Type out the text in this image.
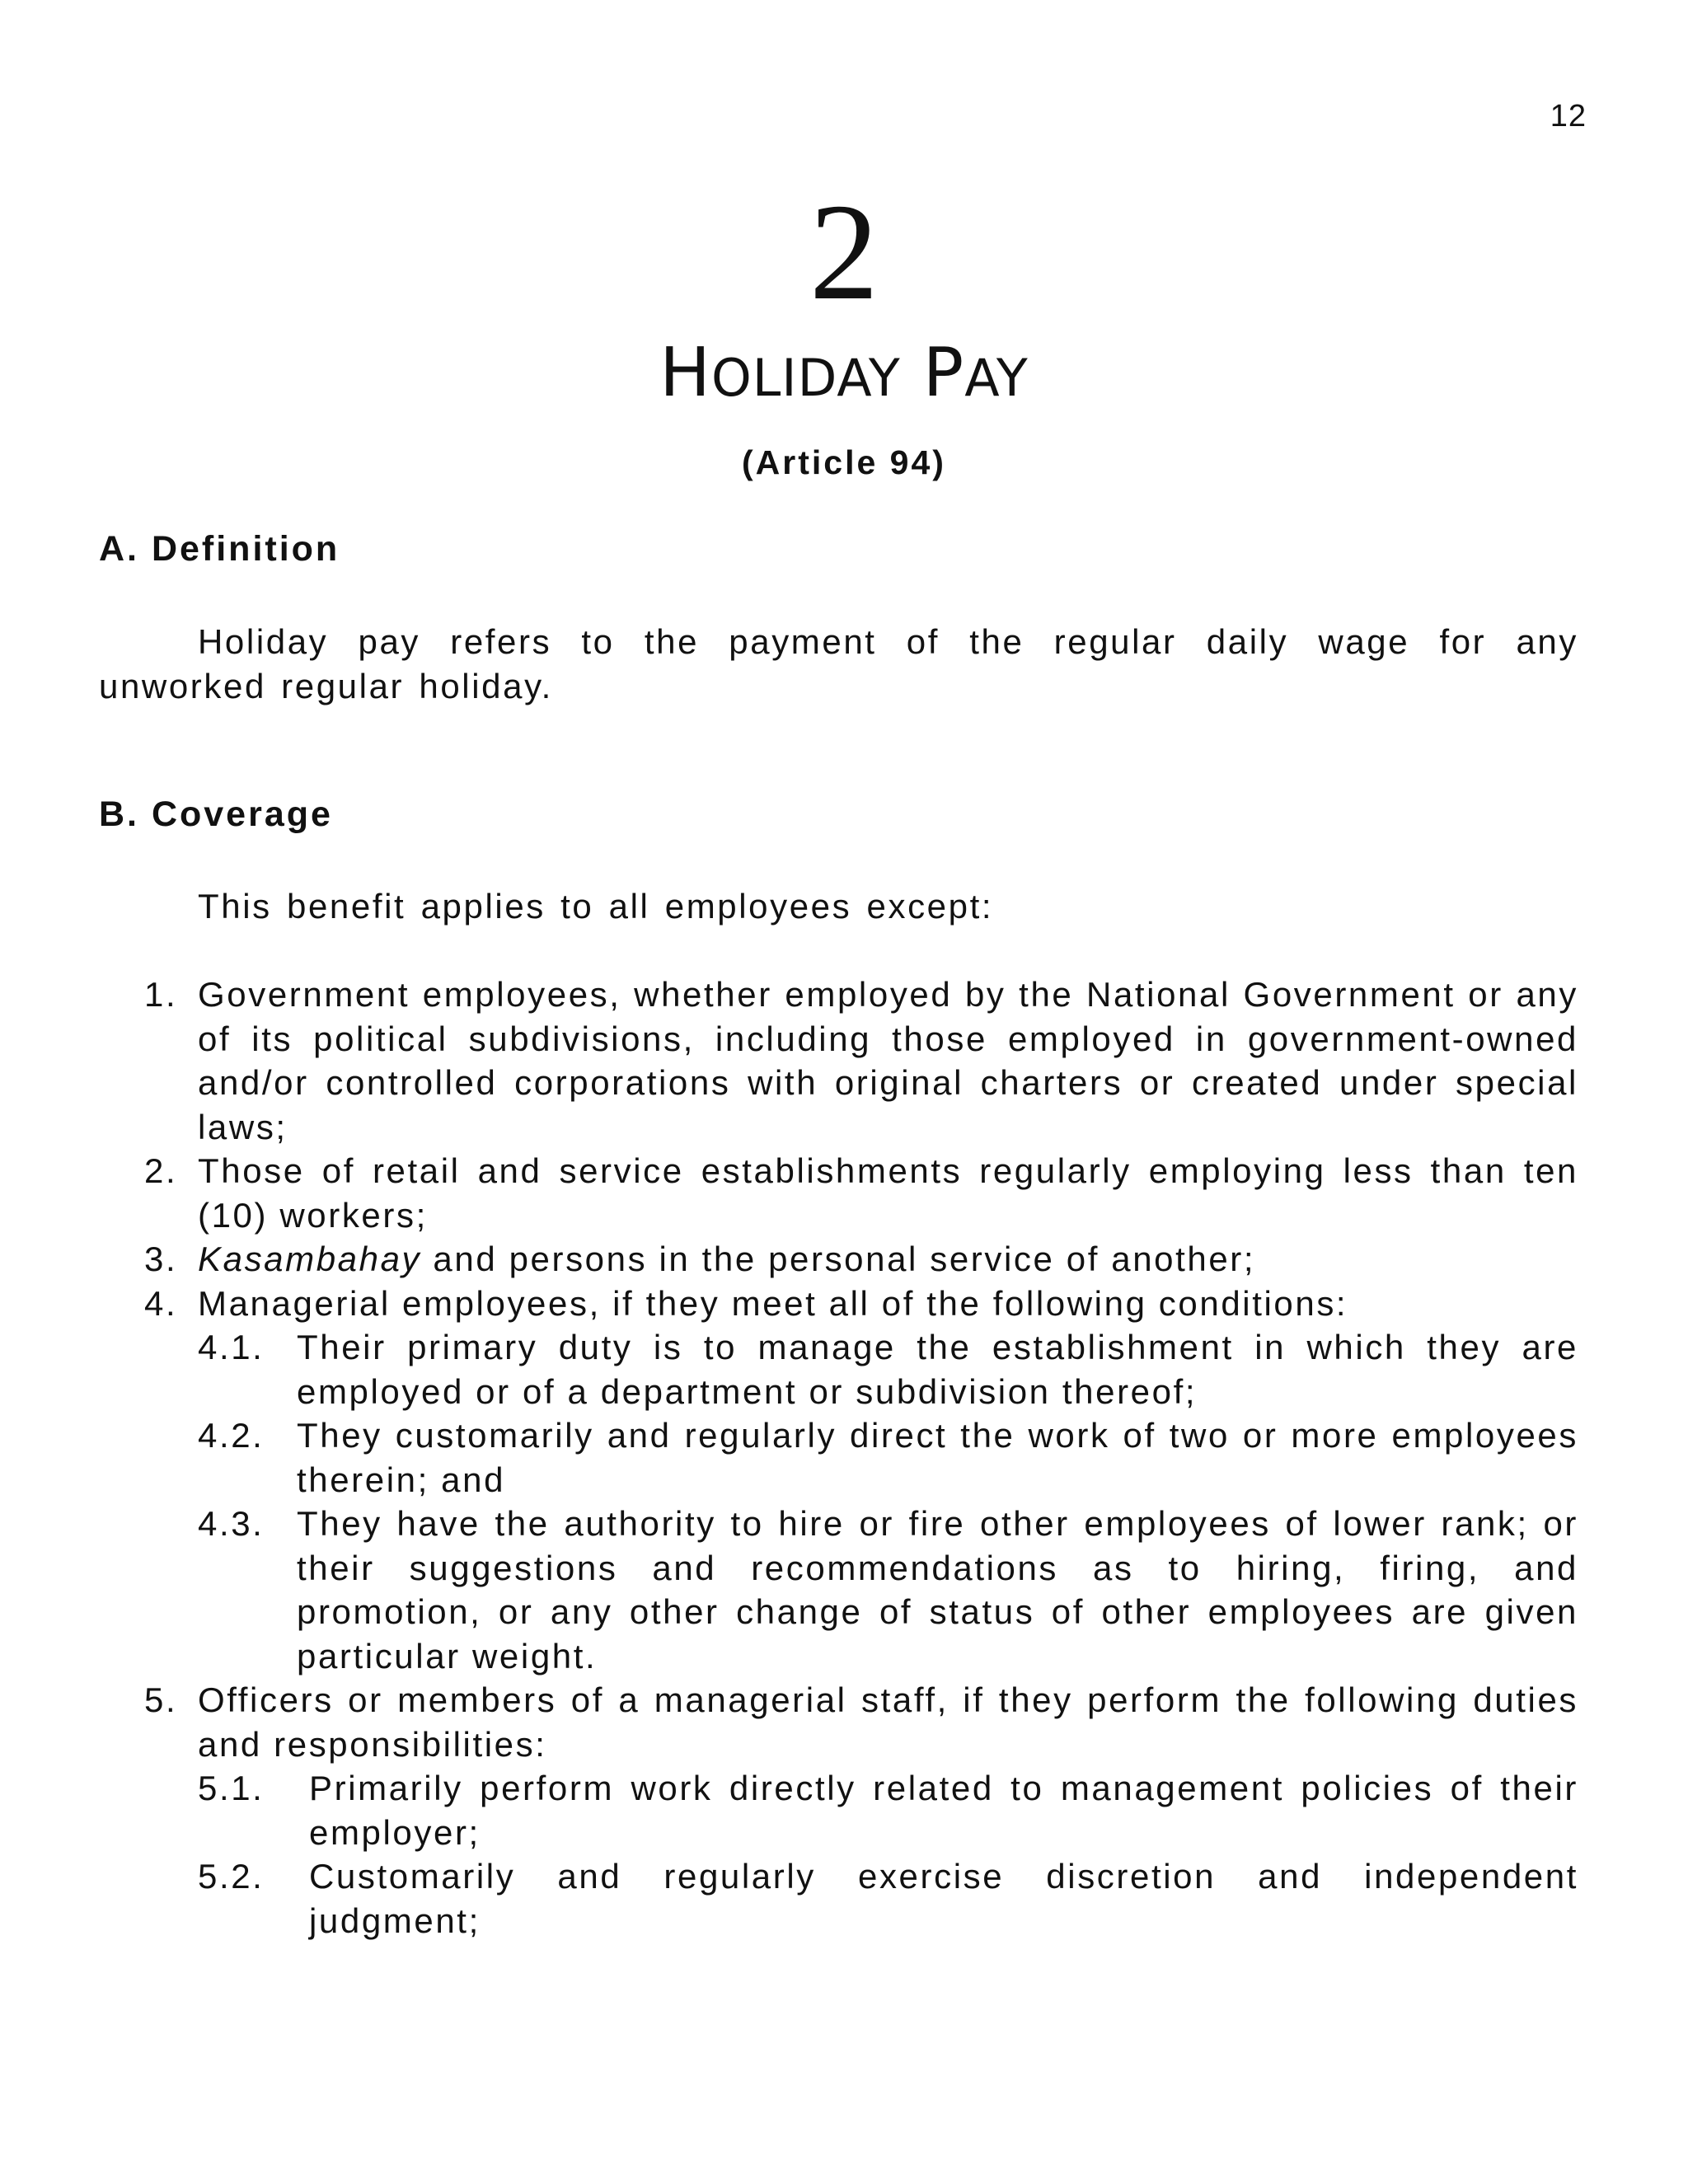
12
2
HOLIDAY PAY
(Article 94)
A. Definition
Holiday pay refers to the payment of the regular daily wage for any unworked regular holiday.
B. Coverage
This benefit applies to all employees except:
1. Government employees, whether employed by the National Government or any of its political subdivisions, including those employed in government-owned and/or controlled corporations with original charters or created under special laws;
2. Those of retail and service establishments regularly employing less than ten (10) workers;
3. Kasambahay and persons in the personal service of another;
4. Managerial employees, if they meet all of the following conditions:
4.1. Their primary duty is to manage the establishment in which they are employed or of a department or subdivision thereof;
4.2. They customarily and regularly direct the work of two or more employees therein; and
4.3. They have the authority to hire or fire other employees of lower rank; or their suggestions and recommendations as to hiring, firing, and promotion, or any other change of status of other employees are given particular weight.
5. Officers or members of a managerial staff, if they perform the following duties and responsibilities:
5.1. Primarily perform work directly related to management policies of their employer;
5.2. Customarily and regularly exercise discretion and independent judgment;
